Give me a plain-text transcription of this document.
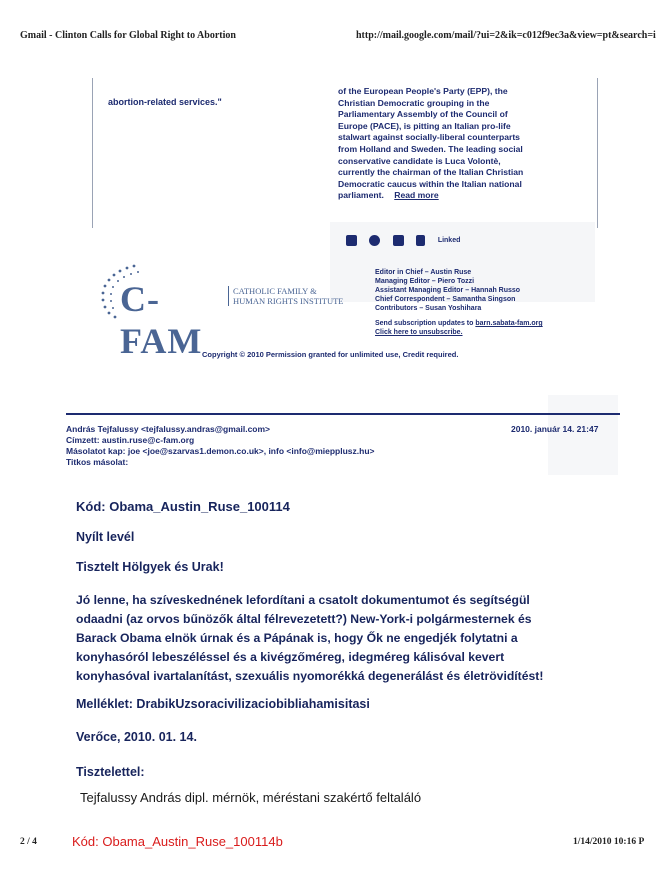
Gmail - Clinton Calls for Global Right to Abortion	http://mail.google.com/mail/?ui=2&ik=c012f9ec3a&view=pt&search=i
abortion-related services."
of the European People's Party (EPP), the
Christian Democratic grouping in the
Parliamentary Assembly of the Council of
Europe (PACE), is pitting an Italian pro-life
stalwart against socially-liberal counterparts
from Holland and Sweden. The leading social
conservative candidate is Luca Volontè,
currently the chairman of the Italian Christian
Democratic caucus within the Italian national
parliament. Read more
Linked
C-FAM
CATHOLIC FAMILY &
HUMAN RIGHTS INSTITUTE
Editor in Chief – Austin Ruse
Managing Editor – Piero Tozzi
Assistant Managing Editor – Hannah Russo
Chief Correspondent – Samantha Singson
Contributors – Susan Yoshihara
Send subscription updates to barn.sabata-fam.org
Click here to unsubscribe.
Copyright © 2010 Permission granted for unlimited use, Credit required.
András Tejfalussy <tejfalussy.andras@gmail.com>	2010. január 14. 21:47
Címzett: austin.ruse@c-fam.org
Másolatot kap: joe <joe@szarvas1.demon.co.uk>, info <info@miepplusz.hu>
Titkos másolat:
Kód: Obama_Austin_Ruse_100114
Nyílt levél
Tisztelt Hölgyek és Urak!
Jó lenne, ha szíveskednének lefordítani a csatolt dokumentumot és segítségül
odaadni (az orvos bűnözők által félrevezetett?) New-York-i polgármesternek és
Barack Obama elnök úrnak és a Pápának is, hogy Ők ne engedjék folytatni a
konyhasóról lebeszéléssel és a kivégzőméreg, idegméreg kálisóval kevert
konyhasóval ivartalanítást, szexuális nyomorékká degenerálást és életrövidítést!
Melléklet: DrabikUzsoracivilizaciobibliahamisitasi
Verőce, 2010. 01. 14.
Tisztelettel:
Tejfalussy András dipl. mérnök, méréstani szakértő feltaláló
2 / 4	Kód: Obama_Austin_Ruse_100114b	1/14/2010 10:16 P
